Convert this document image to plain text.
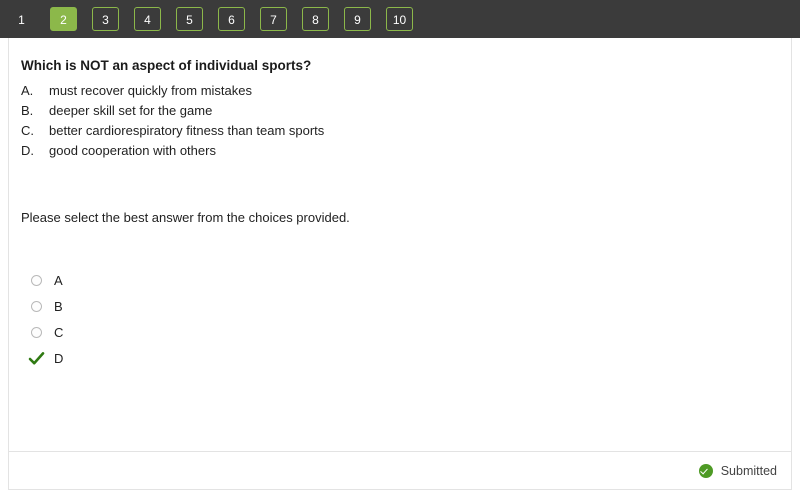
1	2	3	4	5	6	7	8	9	10

Which is NOT an aspect of individual sports?

A.	must recover quickly from mistakes
B.	deeper skill set for the game
C.	better cardiorespiratory fitness than team sports
D.	good cooperation with others

Please select the best answer from the choices provided.

A
B
C
D
Submitted
